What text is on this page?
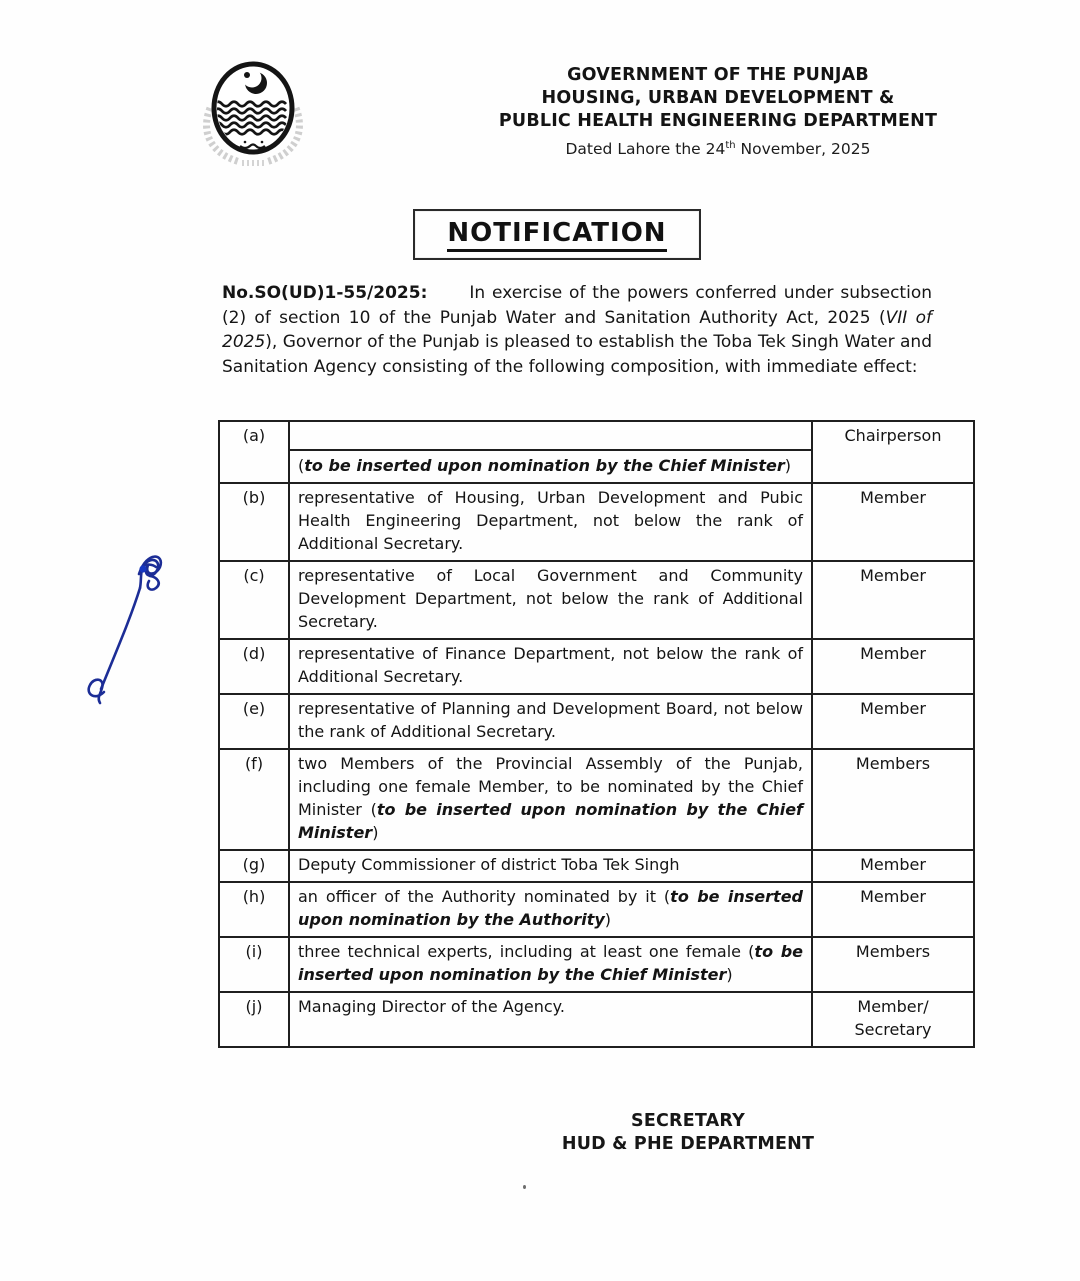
GOVERNMENT OF THE PUNJAB
HOUSING, URBAN DEVELOPMENT &
PUBLIC HEALTH ENGINEERING DEPARTMENT
Dated Lahore the 24th November, 2025
NOTIFICATION

No.SO(UD)1-55/2025: In exercise of the powers conferred under subsection (2) of section 10 of the Punjab Water and Sanitation Authority Act, 2025 (VII of 2025), Governor of the Punjab is pleased to establish the Toba Tek Singh Water and Sanitation Agency consisting of the following composition, with immediate effect:

(a)	(to be inserted upon nomination by the Chief Minister)	Chairperson

(b)	representative of Housing, Urban Development and Pubic Health Engineering Department, not below the rank of Additional Secretary.	Member

(c)	representative of Local Government and Community Development Department, not below the rank of Additional Secretary.	Member

(d)	representative of Finance Department, not below the rank of Additional Secretary.	Member

(e)	representative of Planning and Development Board, not below the rank of Additional Secretary.	Member

(f)	two Members of the Provincial Assembly of the Punjab, including one female Member, to be nominated by the Chief Minister (to be inserted upon nomination by the Chief Minister)	Members

(g)	Deputy Commissioner of district Toba Tek Singh	Member

(h)	an officer of the Authority nominated by it (to be inserted upon nomination by the Authority)	Member

(i)	three technical experts, including at least one female (to be inserted upon nomination by the Chief Minister)	Members

(j)	Managing Director of the Agency.	Member/
Secretary
SECRETARY
HUD & PHE DEPARTMENT
